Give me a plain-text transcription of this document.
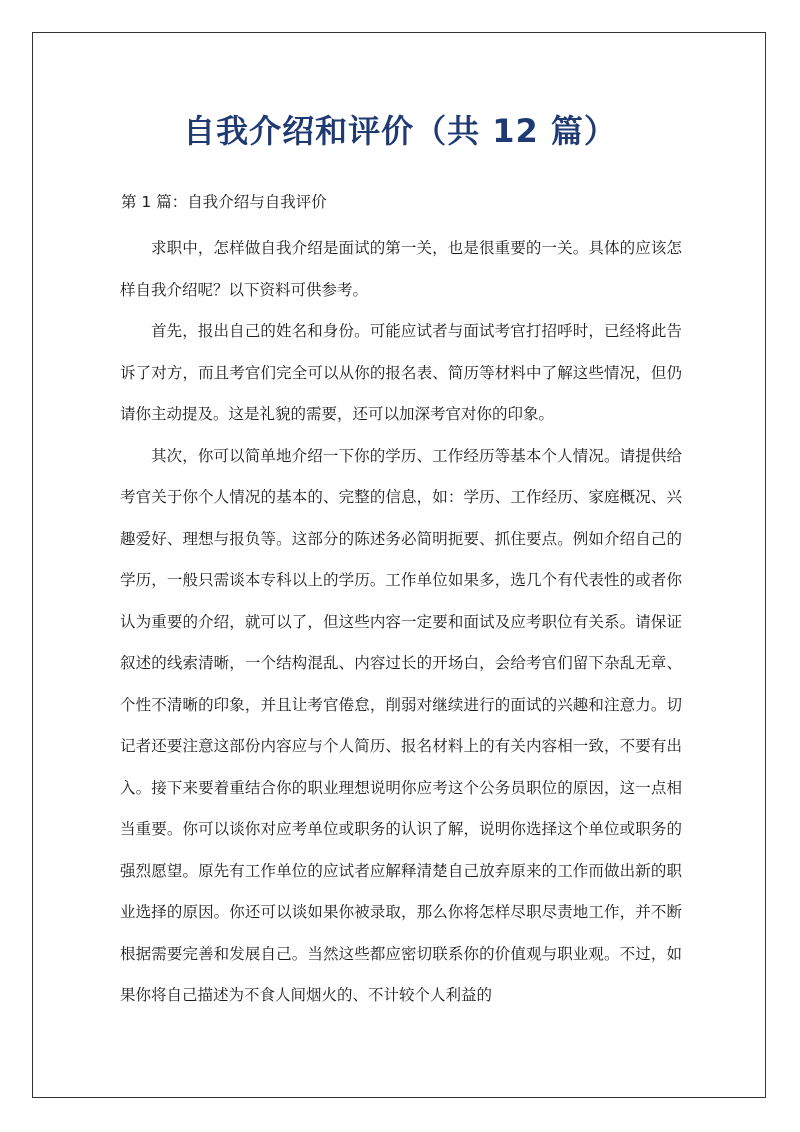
自我介绍和评价（共 12 篇）

第 1 篇：自我介绍与自我评价

求职中，怎样做自我介绍是面试的第一关，也是很重要的一关。具体的应该怎样自我介绍呢？以下资料可供参考。

首先，报出自己的姓名和身份。可能应试者与面试考官打招呼时，已经将此告诉了对方，而且考官们完全可以从你的报名表、简历等材料中了解这些情况，但仍请你主动提及。这是礼貌的需要，还可以加深考官对你的印象。

其次，你可以简单地介绍一下你的学历、工作经历等基本个人情况。请提供给考官关于你个人情况的基本的、完整的信息，如：学历、工作经历、家庭概况、兴趣爱好、理想与报负等。这部分的陈述务必简明扼要、抓住要点。例如介绍自己的学历，一般只需谈本专科以上的学历。工作单位如果多，选几个有代表性的或者你认为重要的介绍，就可以了，但这些内容一定要和面试及应考职位有关系。请保证叙述的线索清晰，一个结构混乱、内容过长的开场白，会给考官们留下杂乱无章、个性不清晰的印象，并且让考官倦怠，削弱对继续进行的面试的兴趣和注意力。切记者还要注意这部份内容应与个人简历、报名材料上的有关内容相一致，不要有出入。接下来要着重结合你的职业理想说明你应考这个公务员职位的原因，这一点相当重要。你可以谈你对应考单位或职务的认识了解，说明你选择这个单位或职务的强烈愿望。原先有工作单位的应试者应解释清楚自己放弃原来的工作而做出新的职业选择的原因。你还可以谈如果你被录取，那么你将怎样尽职尽责地工作，并不断根据需要完善和发展自己。当然这些都应密切联系你的价值观与职业观。不过，如果你将自己描述为不食人间烟火的、不计较个人利益的
